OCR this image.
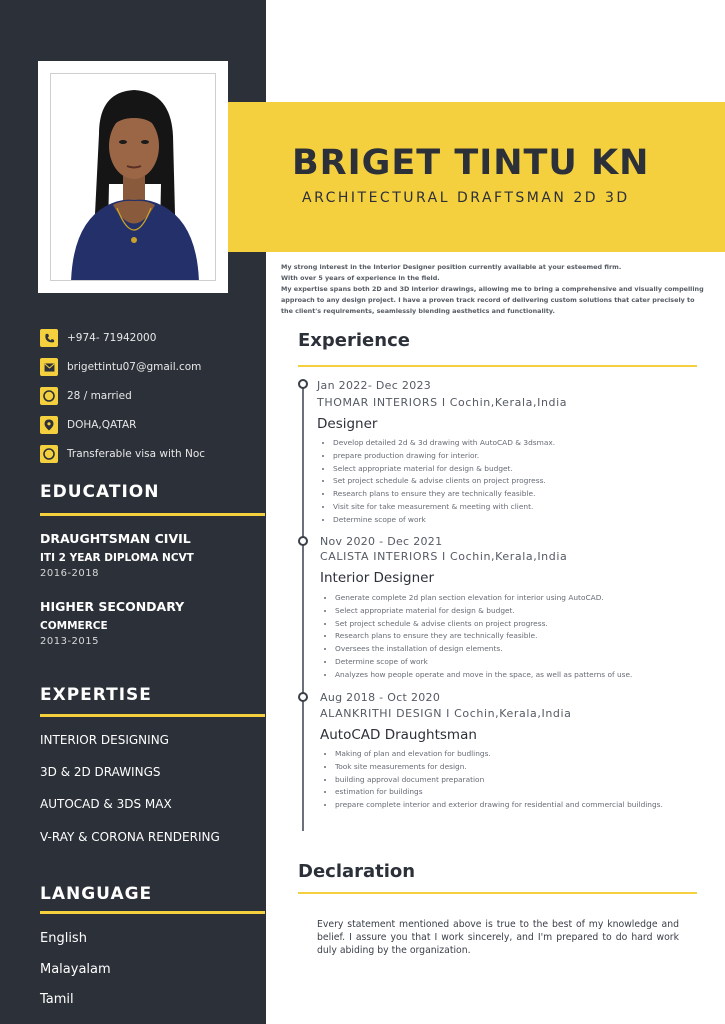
+974- 71942000
brigettintu07@gmail.com
28 / married
DOHA,QATAR
Transferable visa with Noc
EDUCATION
DRAUGHTSMAN CIVIL
ITI 2 YEAR DIPLOMA NCVT
2016-2018
HIGHER SECONDARY
COMMERCE
2013-2015
EXPERTISE
INTERIOR DESIGNING
3D & 2D DRAWINGS
AUTOCAD & 3DS MAX
V-RAY & CORONA RENDERING
LANGUAGE
English
Malayalam
Tamil
BRIGET TINTU KN
ARCHITECTURAL DRAFTSMAN 2D 3D
My strong interest in the Interior Designer position currently available at your esteemed firm.
With over 5 years of experience in the field.
My expertise spans both 2D and 3D interior drawings, allowing me to bring a comprehensive and visually compelling approach to any design project. I have a proven track record of delivering custom solutions that cater precisely to the client's requirements, seamlessly blending aesthetics and functionality.
Experience
Jan 2022- Dec 2023
THOMAR INTERIORS I Cochin,Kerala,India
Designer
• Develop detailed 2d & 3d drawing with AutoCAD & 3dsmax.
• prepare production drawing for interior.
• Select appropriate material for design & budget.
• Set project schedule & advise clients on project progress.
• Research plans to ensure they are technically feasible.
• Visit site for take measurement & meeting with client.
• Determine scope of work
Nov 2020 - Dec 2021
CALISTA INTERIORS I Cochin,Kerala,India
Interior Designer
• Generate complete 2d plan section elevation for interior using AutoCAD.
• Select appropriate material for design & budget.
• Set project schedule & advise clients on project progress.
• Research plans to ensure they are technically feasible.
• Oversees the installation of design elements.
• Determine scope of work
• Analyzes how people operate and move in the space, as well as patterns of use.
Aug 2018 - Oct 2020
ALANKRITHI DESIGN I Cochin,Kerala,India
AutoCAD Draughtsman
• Making of plan and elevation for budlings.
• Took site measurements for design.
• building approval document preparation
• estimation for buildings
• prepare complete interior and exterior drawing for residential and commercial buildings.
Declaration
Every statement mentioned above is true to the best of my knowledge and belief. I assure you that I work sincerely, and I'm prepared to do hard work duly abiding by the organization.
